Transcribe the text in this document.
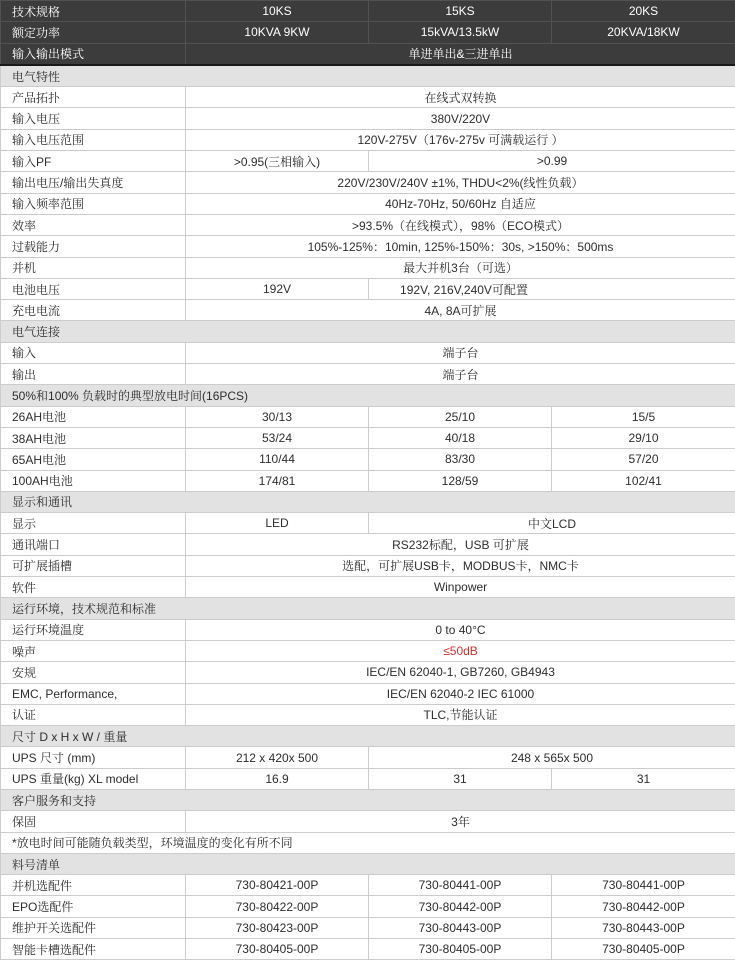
技术规格	10KS	15KS	20KS
额定功率	10KVA 9KW	15kVA/13.5kW	20KVA/18KW
输入输出模式	单进单出&三进单出		
电气特性			
产品拓扑	在线式双转换		
输入电压	380V/220V		
输入电压范围	120V-275V（176v-275v 可满载运行 ）		
输入PF	>0.95(三相输入)	>0.99	
输出电压/输出失真度	220V/230V/240V ±1%, THDU<2%(线性负载）		
输入频率范围	40Hz-70Hz, 50/60Hz 自适应		
效率	>93.5%（在线模式），98%（ECO模式）		
过载能力	105%-125%：10min, 125%-150%：30s, >150%：500ms		
并机	最大并机3台（可选）		
电池电压	192V	192V, 216V,240V可配置	
充电电流	4A, 8A可扩展		
电气连接			
输入	端子台		
输出	端子台		
50%和100% 负载时的典型放电时间(16PCS)			
26AH电池	30/13	25/10	15/5
38AH电池	53/24	40/18	29/10
65AH电池	110/44	83/30	57/20
100AH电池	174/81	128/59	102/41
显示和通讯			
显示	LED	中文LCD	
通讯端口	RS232标配，USB 可扩展		
可扩展插槽	选配，可扩展USB卡，MODBUS卡，NMC卡		
软件	Winpower		
运行环境，技术规范和标准			
运行环境温度	0 to 40°C		
噪声	≤50dB		
安规	IEC/EN 62040-1, GB7260, GB4943		
EMC, Performance,	IEC/EN 62040-2 IEC 61000		
认证	TLC,节能认证		
尺寸 D x H x W / 重量			
UPS 尺寸 (mm)	212 x 420x 500	248 x 565x 500	
UPS 重量(kg) XL model	16.9	31	31
客户服务和支持			
保固	3年		
*放电时间可能随负载类型，环境温度的变化有所不同			
料号清单			
并机选配件	730-80421-00P	730-80441-00P	730-80441-00P
EPO选配件	730-80422-00P	730-80442-00P	730-80442-00P
维护开关选配件	730-80423-00P	730-80443-00P	730-80443-00P
智能卡槽选配件	730-80405-00P	730-80405-00P	730-80405-00P
